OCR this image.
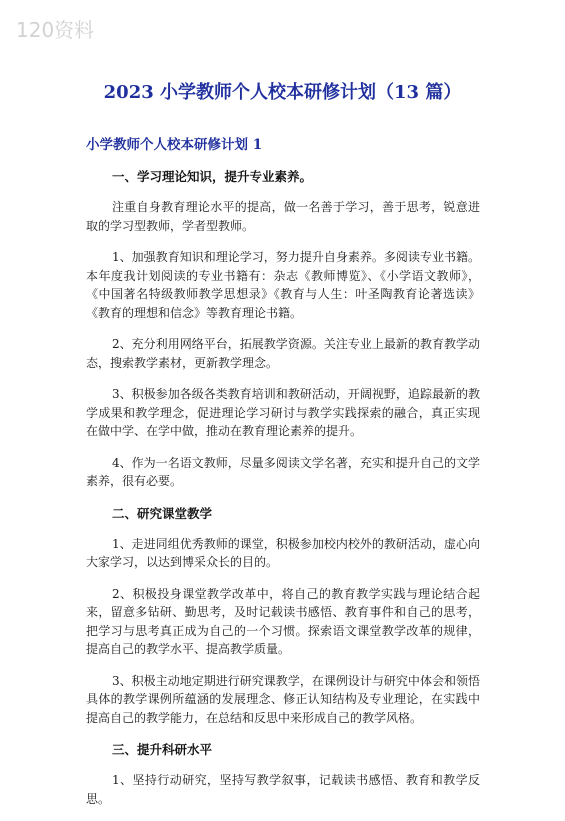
120资料
2023 小学教师个人校本研修计划（13 篇）

小学教师个人校本研修计划 1

一、学习理论知识，提升专业素养。

注重自身教育理论水平的提高，做一名善于学习，善于思考，锐意进取的学习型教师，学者型教师。

1、加强教育知识和理论学习，努力提升自身素养。多阅读专业书籍。本年度我计划阅读的专业书籍有：杂志《教师博览》、《小学语文教师》，《中国著名特级教师教学思想录》《教育与人生：叶圣陶教育论著选读》《教育的理想和信念》等教育理论书籍。

2、充分利用网络平台，拓展教学资源。关注专业上最新的教育教学动态，搜索教学素材，更新教学理念。

3、积极参加各级各类教育培训和教研活动，开阔视野，追踪最新的教学成果和教学理念，促进理论学习研讨与教学实践探索的融合，真正实现在做中学、在学中做，推动在教育理论素养的提升。

4、作为一名语文教师，尽量多阅读文学名著，充实和提升自己的文学素养，很有必要。

二、研究课堂教学

1、走进同组优秀教师的课堂，积极参加校内校外的教研活动，虚心向大家学习，以达到博采众长的目的。

2、积极投身课堂教学改革中，将自己的教育教学实践与理论结合起来，留意多钻研、勤思考，及时记载读书感悟、教育事件和自己的思考，把学习与思考真正成为自己的一个习惯。探索语文课堂教学改革的规律，提高自己的教学水平、提高教学质量。

3、积极主动地定期进行研究课教学，在课例设计与研究中体会和领悟具体的教学课例所蕴涵的发展理念、修正认知结构及专业理论，在实践中提高自己的教学能力，在总结和反思中来形成自己的教学风格。

三、提升科研水平

1、坚持行动研究，坚持写教学叙事，记载读书感悟、教育和教学反思。
